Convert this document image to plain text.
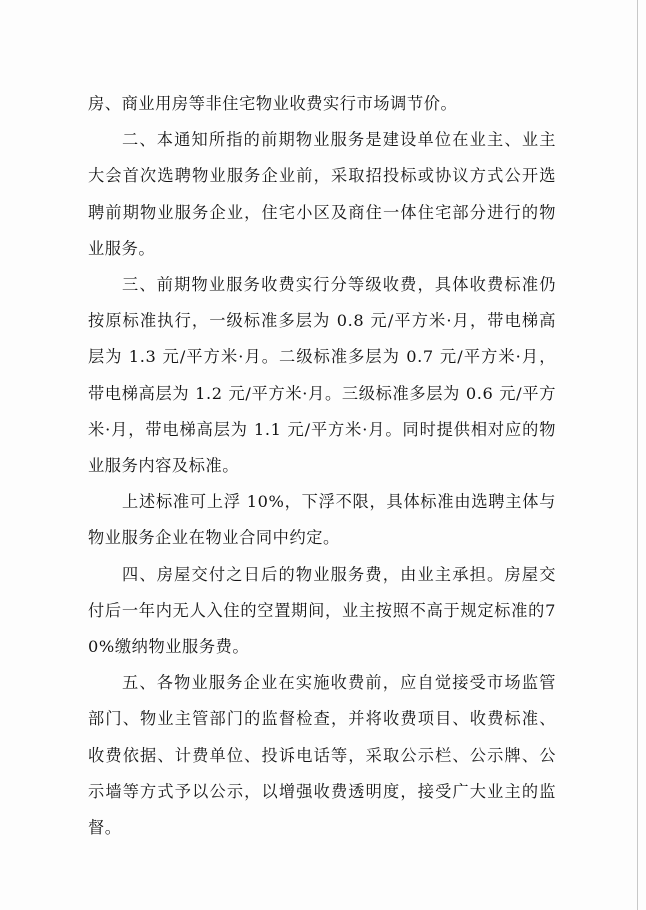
房、商业用房等非住宅物业收费实行市场调节价。

二、本通知所指的前期物业服务是建设单位在业主、业主大会首次选聘物业服务企业前，采取招投标或协议方式公开选聘前期物业服务企业，住宅小区及商住一体住宅部分进行的物业服务。

三、前期物业服务收费实行分等级收费，具体收费标准仍按原标准执行，一级标准多层为 0.8 元/平方米·月，带电梯高层为 1.3 元/平方米·月。二级标准多层为 0.7 元/平方米·月，带电梯高层为 1.2 元/平方米·月。三级标准多层为 0.6 元/平方米·月，带电梯高层为 1.1 元/平方米·月。同时提供相对应的物业服务内容及标准。

上述标准可上浮 10%，下浮不限，具体标准由选聘主体与物业服务企业在物业合同中约定。

四、房屋交付之日后的物业服务费，由业主承担。房屋交付后一年内无人入住的空置期间，业主按照不高于规定标准的70%缴纳物业服务费。

五、各物业服务企业在实施收费前，应自觉接受市场监管部门、物业主管部门的监督检查，并将收费项目、收费标准、收费依据、计费单位、投诉电话等，采取公示栏、公示牌、公示墙等方式予以公示，以增强收费透明度，接受广大业主的监督。
